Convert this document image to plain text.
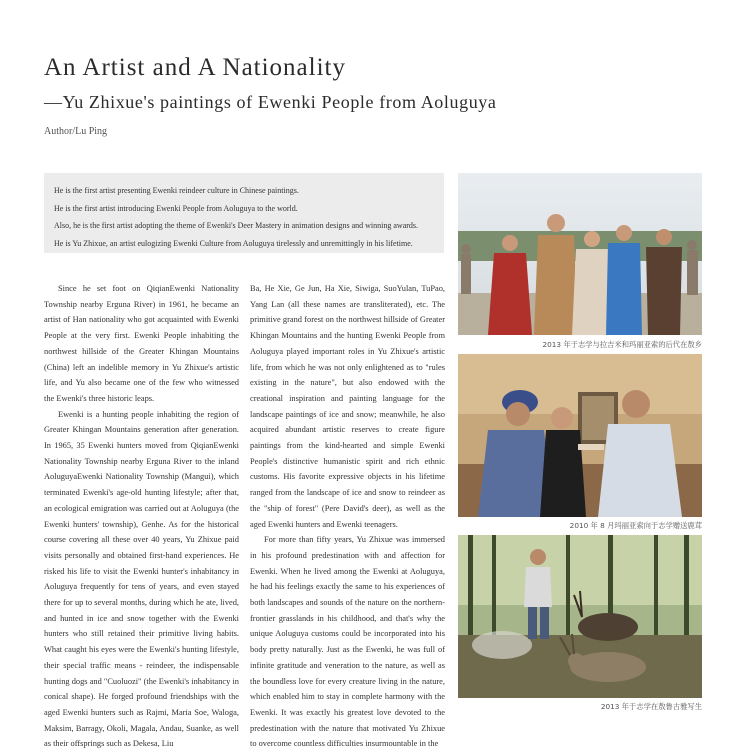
An Artist and A Nationality
—Yu Zhixue's paintings of Ewenki People from Aoluguya
Author/Lu Ping

He is the first artist presenting Ewenki reindeer culture in Chinese paintings.

He is the first artist introducing Ewenki People from Aoluguya to the world.

Also, he is the first artist adopting the theme of Ewenki's Deer Mastery in animation designs and winning awards.

He is Yu Zhixue, an artist eulogizing Ewenki Culture from Aoluguya tirelessly and unremittingly in his lifetime.

Since he set foot on QiqianEwenki Nationality Township nearby Erguna River) in 1961, he became an artist of Han nationality who got acquainted with Ewenki People at the very first. Ewenki People inhabiting the northwest hillside of the Greater Khingan Mountains (China) left an indelible memory in Yu Zhixue's artistic life, and Yu also became one of the few who witnessed the Ewenki's three historic leaps.

Ewenki is a hunting people inhabiting the region of Greater Khingan Mountains generation after generation. In 1965, 35 Ewenki hunters moved from QiqianEwenki Nationality Township nearby Erguna River to the inland AoluguyaEwenki Nationality Township (Mangui), which terminated Ewenki's age-old hunting lifestyle; after that, an ecological emigration was carried out at Aoluguya (the Ewenki hunters' township), Genhe. As for the historical course covering all these over 40 years, Yu Zhixue paid visits personally and obtained first-hand experiences. He risked his life to visit the Ewenki hunter's inhabitancy in Aoluguya frequently for tens of years, and even stayed there for up to several months, during which he ate, lived, and hunted in ice and snow together with the Ewenki hunters who still retained their primitive living habits. What caught his eyes were the Ewenki's hunting lifestyle, their special traffic means - reindeer, the indispensable hunting dogs and "Cuoluozi" (the Ewenki's inhabitancy in conical shape). He forged profound friendships with the aged Ewenki hunters such as Rajmi, Maria Soe, Waloga, Maksim, Barragy, Okoli, Magala, Andau, Suanke, as well as their offsprings such as Dekesa, Liu

Ba, He Xie, Ge Jun, Ha Xie, Siwiga, SuoYulan, TuPao, Yang Lan (all these names are transliterated), etc. The primitive grand forest on the northwest hillside of Greater Khingan Mountains and the hunting Ewenki People from Aoluguya played important roles in Yu Zhixue's artistic life, from which he was not only enlightened as to "rules existing in the nature", but also endowed with the creational inspiration and painting language for the landscape paintings of ice and snow; meanwhile, he also acquired abundant artistic reserves to create figure paintings from the kind-hearted and simple Ewenki People's distinctive humanistic spirit and rich ethnic customs. His favorite expressive objects in his lifetime ranged from the landscape of ice and snow to reindeer as the "ship of forest" (Pere David's deer), as well as the aged Ewenki hunters and Ewenki teenagers.

For more than fifty years, Yu Zhixue was immersed in his profound predestination with and affection for Ewenki. When he lived among the Ewenki at Aoluguya, he had his feelings exactly the same to his experiences of both landscapes and sounds of the nature on the northern-frontier grasslands in his childhood, and that's why the unique Aoluguya customs could be incorporated into his body pretty naturally. Just as the Ewenki, he was full of infinite gratitude and veneration to the nature, as well as the boundless love for every creature living in the nature, which enabled him to stay in complete harmony with the Ewenki. It was exactly his greatest love devoted to the predestination with the nature that motivated Yu Zhixue to overcome countless difficulties insurmountable in the

2013 年于志学与拉吉米和玛丽亚索的后代在敖乡
2010 年 8 月玛丽亚索向于志学赠送鹿茸
2013 年于志学在敖鲁古雅写生
